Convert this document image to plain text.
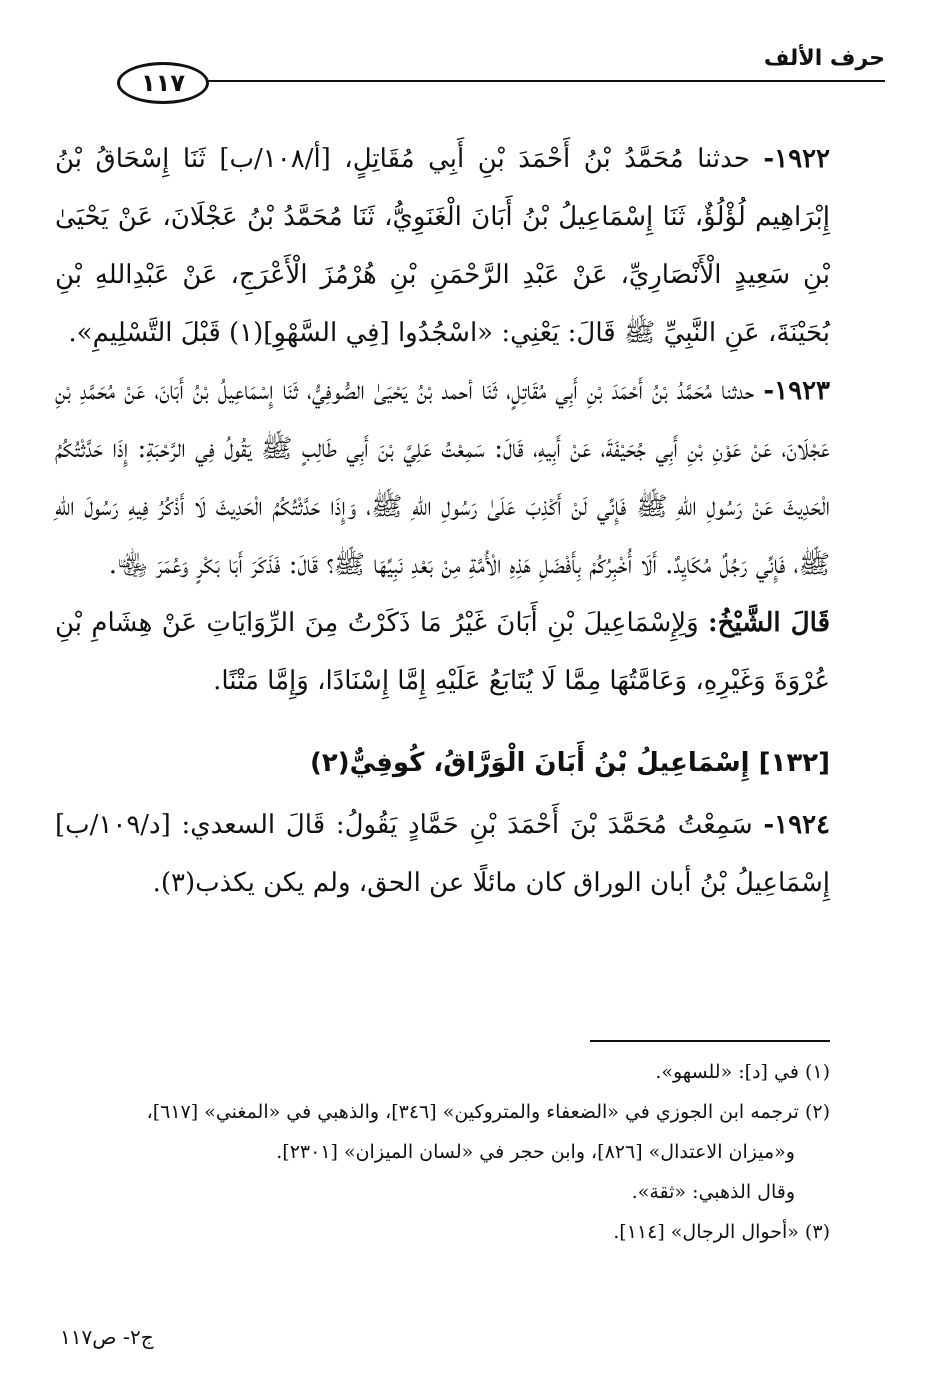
حرف الألف
١١٧

١٩٢٢- حدثنا مُحَمَّدُ بْنُ أَحْمَدَ بْنِ أَبِي مُقَاتِلٍ، [أ/١٠٨/ب] ثَنَا إِسْحَاقُ بْنُ إِبْرَاهِيم لُؤْلُؤٌ، ثَنَا إِسْمَاعِيلُ بْنُ أَبَانَ الْغَنَوِيُّ، ثَنَا مُحَمَّدُ بْنُ عَجْلَانَ، عَنْ يَحْيَىٰ بْنِ سَعِيدٍ الْأَنْصَارِيِّ، عَنْ عَبْدِ الرَّحْمَنِ بْنِ هُرْمُزَ الْأَعْرَجِ، عَنْ عَبْدِاللهِ بْنِ بُحَيْنَةَ، عَنِ النَّبِيِّ ﷺ قَالَ: يَعْنِي: «اسْجُدُوا [فِي السَّهْوِ](١) قَبْلَ التَّسْلِيمِ».

١٩٢٣- حدثنا مُحَمَّدُ بْنُ أَحْمَدَ بْنِ أَبِي مُقَاتِلٍ، ثَنَا أحمد بْنُ يَحْيَىٰ الصُّوفِيُّ، ثَنَا إِسْمَاعِيلُ بْنُ أَبَانَ، عَنْ مُحَمَّدِ بْنِ عَجْلَانَ، عَنْ عَوْنِ بْنِ أَبِي جُحَيْفَةَ، عَنْ أَبِيهِ، قَالَ: سَمِعْتُ عَلِيَّ بْنَ أَبِي طَالِبٍ ﷺ يَقُولُ فِي الرَّحْبَةِ: إِذَا حَدَّثْتُكُمُ الْحَدِيثَ عَنْ رَسُولِ اللهِ ﷺ فَإِنِّي لَنْ أَكْذِبَ عَلَىٰ رَسُولِ اللهِ ﷺ، وَإِذَا حَدَّثْتُكُمُ الْحَدِيثَ لَا أَذْكُرُ فِيهِ رَسُولَ اللهِ ﷺ، فَإِنِّي رَجُلٌ مُكَايِدٌ. أَلَا أُخْبِرُكُمْ بِأَفْضَلِ هَذِهِ الْأُمَّةِ مِنْ بَعْدِ نَبِيِّهَا ﷺ؟ قَالَ: فَذَكَرَ أَبَا بَكْرٍ وَعُمَرَ ﵄.

قَالَ الشَّيْخُ: وَلِإِسْمَاعِيلَ بْنِ أَبَانَ غَيْرُ مَا ذَكَرْتُ مِنَ الرِّوَايَاتِ عَنْ هِشَامِ بْنِ عُرْوَةَ وَغَيْرِهِ، وَعَامَّتُهَا مِمَّا لَا يُتَابَعُ عَلَيْهِ إِمَّا إِسْنَادًا، وَإِمَّا مَتْنًا.

[١٣٢] إِسْمَاعِيلُ بْنُ أَبَانَ الْوَرَّاقُ، كُوفِيٌّ(٢)

١٩٢٤- سَمِعْتُ مُحَمَّدَ بْنَ أَحْمَدَ بْنِ حَمَّادٍ يَقُولُ: قَالَ السعدي: [د/١٠٩/ب] إِسْمَاعِيلُ بْنُ أبان الوراق كان مائلًا عن الحق، ولم يكن يكذب(٣).

(١) في [د]: «للسهو».

(٢) ترجمه ابن الجوزي في «الضعفاء والمتروكين» [٣٤٦]، والذهبي في «المغني» [٦١٧]،

و«ميزان الاعتدال» [٨٢٦]، وابن حجر في «لسان الميزان» [٢٣٠١].

وقال الذهبي: «ثقة».

(٣) «أحوال الرجال» [١١٤].

ج٢- ص١١٧
